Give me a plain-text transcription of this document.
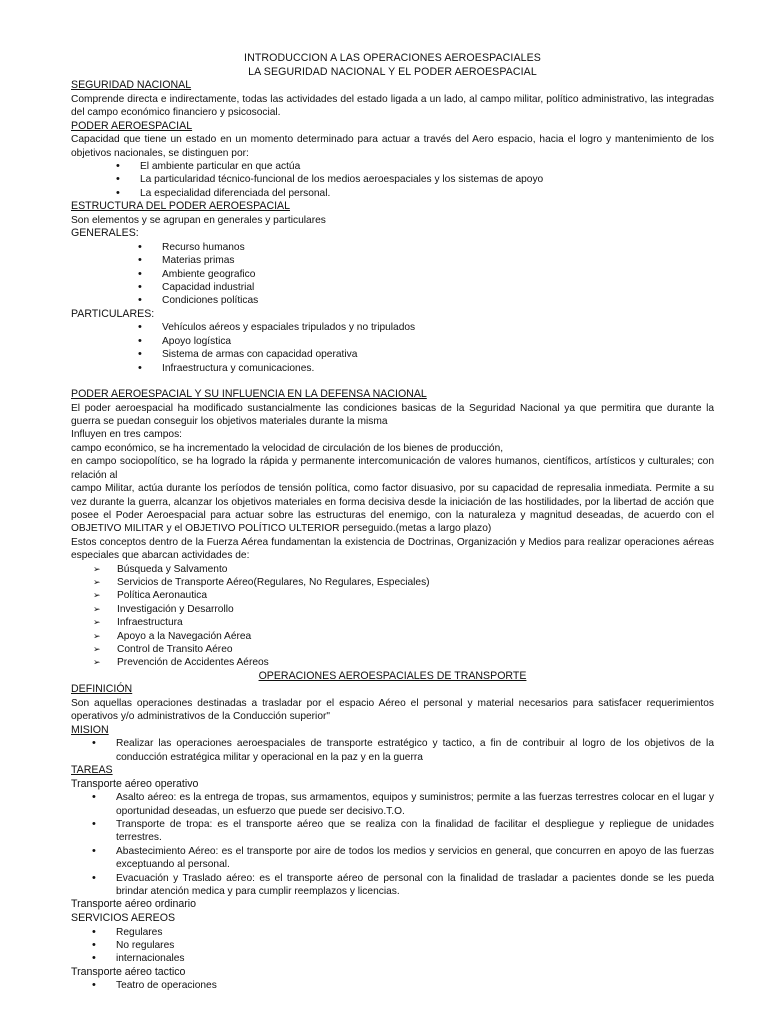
INTRODUCCION A LAS OPERACIONES AEROESPACIALES
LA SEGURIDAD NACIONAL Y EL PODER AEROESPACIAL
SEGURIDAD NACIONAL
Comprende directa e indirectamente, todas las actividades del estado ligada a un lado, al campo militar, político administrativo, las integradas del campo económico financiero y psicosocial.
PODER AEROESPACIAL
Capacidad que tiene un estado en un momento determinado para actuar a través del Aero espacio, hacia el logro y mantenimiento de los objetivos nacionales, se distinguen por:
• El ambiente particular en que actúa
• La particularidad técnico-funcional de los medios aeroespaciales y los sistemas de apoyo
• La especialidad diferenciada del personal.
ESTRUCTURA DEL PODER AEROESPACIAL
Son elementos y se agrupan en generales y particulares
GENERALES:
• Recurso humanos
• Materias primas
• Ambiente geografico
• Capacidad industrial
• Condiciones políticas
PARTICULARES:
• Vehículos aéreos y espaciales tripulados y no tripulados
• Apoyo logística
• Sistema de armas con capacidad operativa
• Infraestructura y comunicaciones.
PODER AEROESPACIAL Y SU INFLUENCIA EN LA DEFENSA NACIONAL
El poder aeroespacial ha modificado sustancialmente las condiciones basicas de la Seguridad Nacional ya que permitira que durante la guerra se puedan conseguir los objetivos materiales durante la misma
Influyen en tres campos:
campo económico, se ha incrementado la velocidad de circulación de los bienes de producción,
en campo sociopolítico, se ha logrado la rápida y permanente intercomunicación de valores humanos, científicos, artísticos y culturales; con relación al
campo Militar, actúa durante los períodos de tensión política, como factor disuasivo, por su capacidad de represalia inmediata. Permite a su vez durante la guerra, alcanzar los objetivos materiales en forma decisiva desde la iniciación de las hostilidades, por la libertad de acción que posee el Poder Aeroespacial para actuar sobre las estructuras del enemigo, con la naturaleza y magnitud deseadas, de acuerdo con el OBJETIVO MILITAR y el OBJETIVO POLÍTICO ULTERIOR perseguido.(metas a largo plazo)
Estos conceptos dentro de la Fuerza Aérea fundamentan la existencia de Doctrinas, Organización y Medios para realizar operaciones aéreas especiales que abarcan actividades de:
➢ Búsqueda y Salvamento
➢ Servicios de Transporte Aéreo(Regulares, No Regulares, Especiales)
➢ Política Aeronautica
➢ Investigación y Desarrollo
➢ Infraestructura
➢ Apoyo a la Navegación Aérea
➢ Control de Transito Aéreo
➢ Prevención de Accidentes Aéreos
OPERACIONES AEROESPACIALES DE TRANSPORTE
DEFINICIÓN
Son aquellas operaciones destinadas a trasladar por el espacio Aéreo el personal y material necesarios para satisfacer requerimientos operativos y/o administrativos de la Conducción superior"
MISION
• Realizar las operaciones aeroespaciales de transporte estratégico y tactico, a fin de contribuir al logro de los objetivos de la conducción estratégica militar y operacional en la paz y en la guerra
TAREAS
Transporte aéreo operativo
• Asalto aéreo: es la entrega de tropas, sus armamentos, equipos y suministros; permite a las fuerzas terrestres colocar en el lugar y oportunidad deseadas, un esfuerzo que puede ser decisivo.T.O.
• Transporte de tropa: es el transporte aéreo que se realiza con la finalidad de facilitar el despliegue y repliegue de unidades terrestres.
• Abastecimiento Aéreo: es el transporte por aire de todos los medios y servicios en general, que concurren en apoyo de las fuerzas exceptuando al personal.
• Evacuación y Traslado aéreo: es el transporte aéreo de personal con la finalidad de trasladar a pacientes donde se les pueda brindar atención medica y para cumplir reemplazos y licencias.
Transporte aéreo ordinario
SERVICIOS AEREOS
• Regulares
• No regulares
• internacionales
Transporte aéreo tactico
• Teatro de operaciones
